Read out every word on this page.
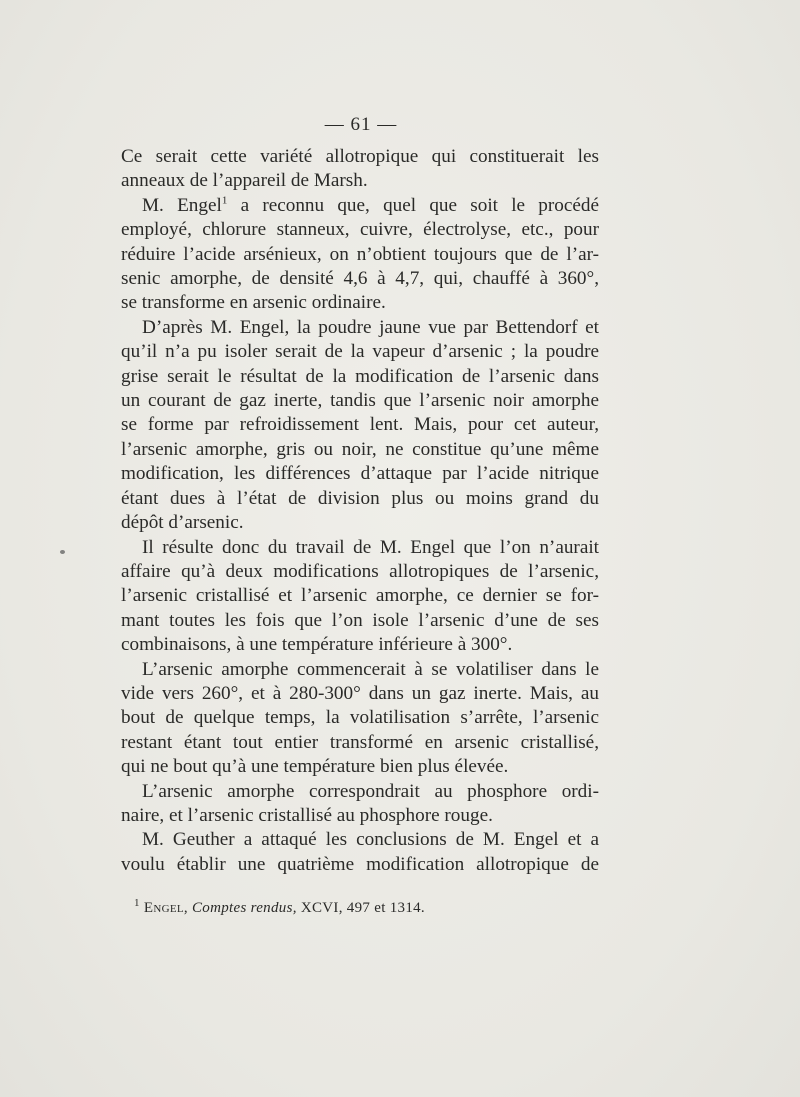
— 61 —

Ce serait cette variété allotropique qui constituerait les
anneaux de l’appareil de Marsh.

M. Engel$^1$ a reconnu que, quel que soit le procédé
employé, chlorure stanneux, cuivre, électrolyse, etc., pour
réduire l’acide arsénieux, on n’obtient toujours que de l’ar-
senic amorphe, de densité 4,6 à 4,7, qui, chauffé à 360°,
se transforme en arsenic ordinaire.

D’après M. Engel, la poudre jaune vue par Bettendorf et
qu’il n’a pu isoler serait de la vapeur d’arsenic ; la poudre
grise serait le résultat de la modification de l’arsenic dans
un courant de gaz inerte, tandis que l’arsenic noir amorphe
se forme par refroidissement lent. Mais, pour cet auteur,
l’arsenic amorphe, gris ou noir, ne constitue qu’une même
modification, les différences d’attaque par l’acide nitrique
étant dues à l’état de division plus ou moins grand du
dépôt d’arsenic.

Il résulte donc du travail de M. Engel que l’on n’aurait
affaire qu’à deux modifications allotropiques de l’arsenic,
l’arsenic cristallisé et l’arsenic amorphe, ce dernier se for-
mant toutes les fois que l’on isole l’arsenic d’une de ses
combinaisons, à une température inférieure à 300°.

L’arsenic amorphe commencerait à se volatiliser dans le
vide vers 260°, et à 280-300° dans un gaz inerte. Mais, au
bout de quelque temps, la volatilisation s’arrête, l’arsenic
restant étant tout entier transformé en arsenic cristallisé,
qui ne bout qu’à une température bien plus élevée.

L’arsenic amorphe correspondrait au phosphore ordi-
naire, et l’arsenic cristallisé au phosphore rouge.

M. Geuther a attaqué les conclusions de M. Engel et a
voulu établir une quatrième modification allotropique de

$^1$ Engel, Comptes rendus, XCVI, 497 et 1314.
